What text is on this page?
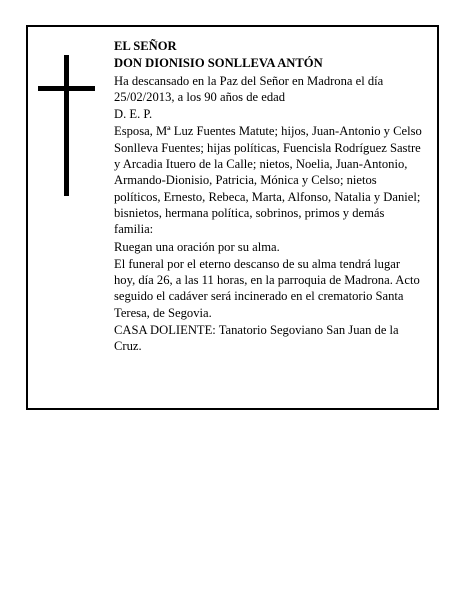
EL SEÑOR

DON DIONISIO SONLLEVA ANTÓN

Ha descansado en la Paz del Señor en Madrona el día 25/02/2013, a los 90 años de edad

D. E. P.

Esposa, Mª Luz Fuentes Matute; hijos, Juan-Antonio y Celso Sonlleva Fuentes; hijas políticas, Fuencisla Rodríguez Sastre y Arcadia Ituero de la Calle; nietos, Noelia, Juan-Antonio, Armando-Dionisio, Patricia, Mónica y Celso; nietos políticos, Ernesto, Rebeca, Marta, Alfonso, Natalia y Daniel; bisnietos, hermana política, sobrinos, primos y demás familia:

Ruegan una oración por su alma.

El funeral por el eterno descanso de su alma tendrá lugar hoy, día 26, a las 11 horas, en la parroquia de Madrona. Acto seguido el cadáver será incinerado en el crematorio Santa Teresa, de Segovia.

CASA DOLIENTE: Tanatorio Segoviano San Juan de la Cruz.
